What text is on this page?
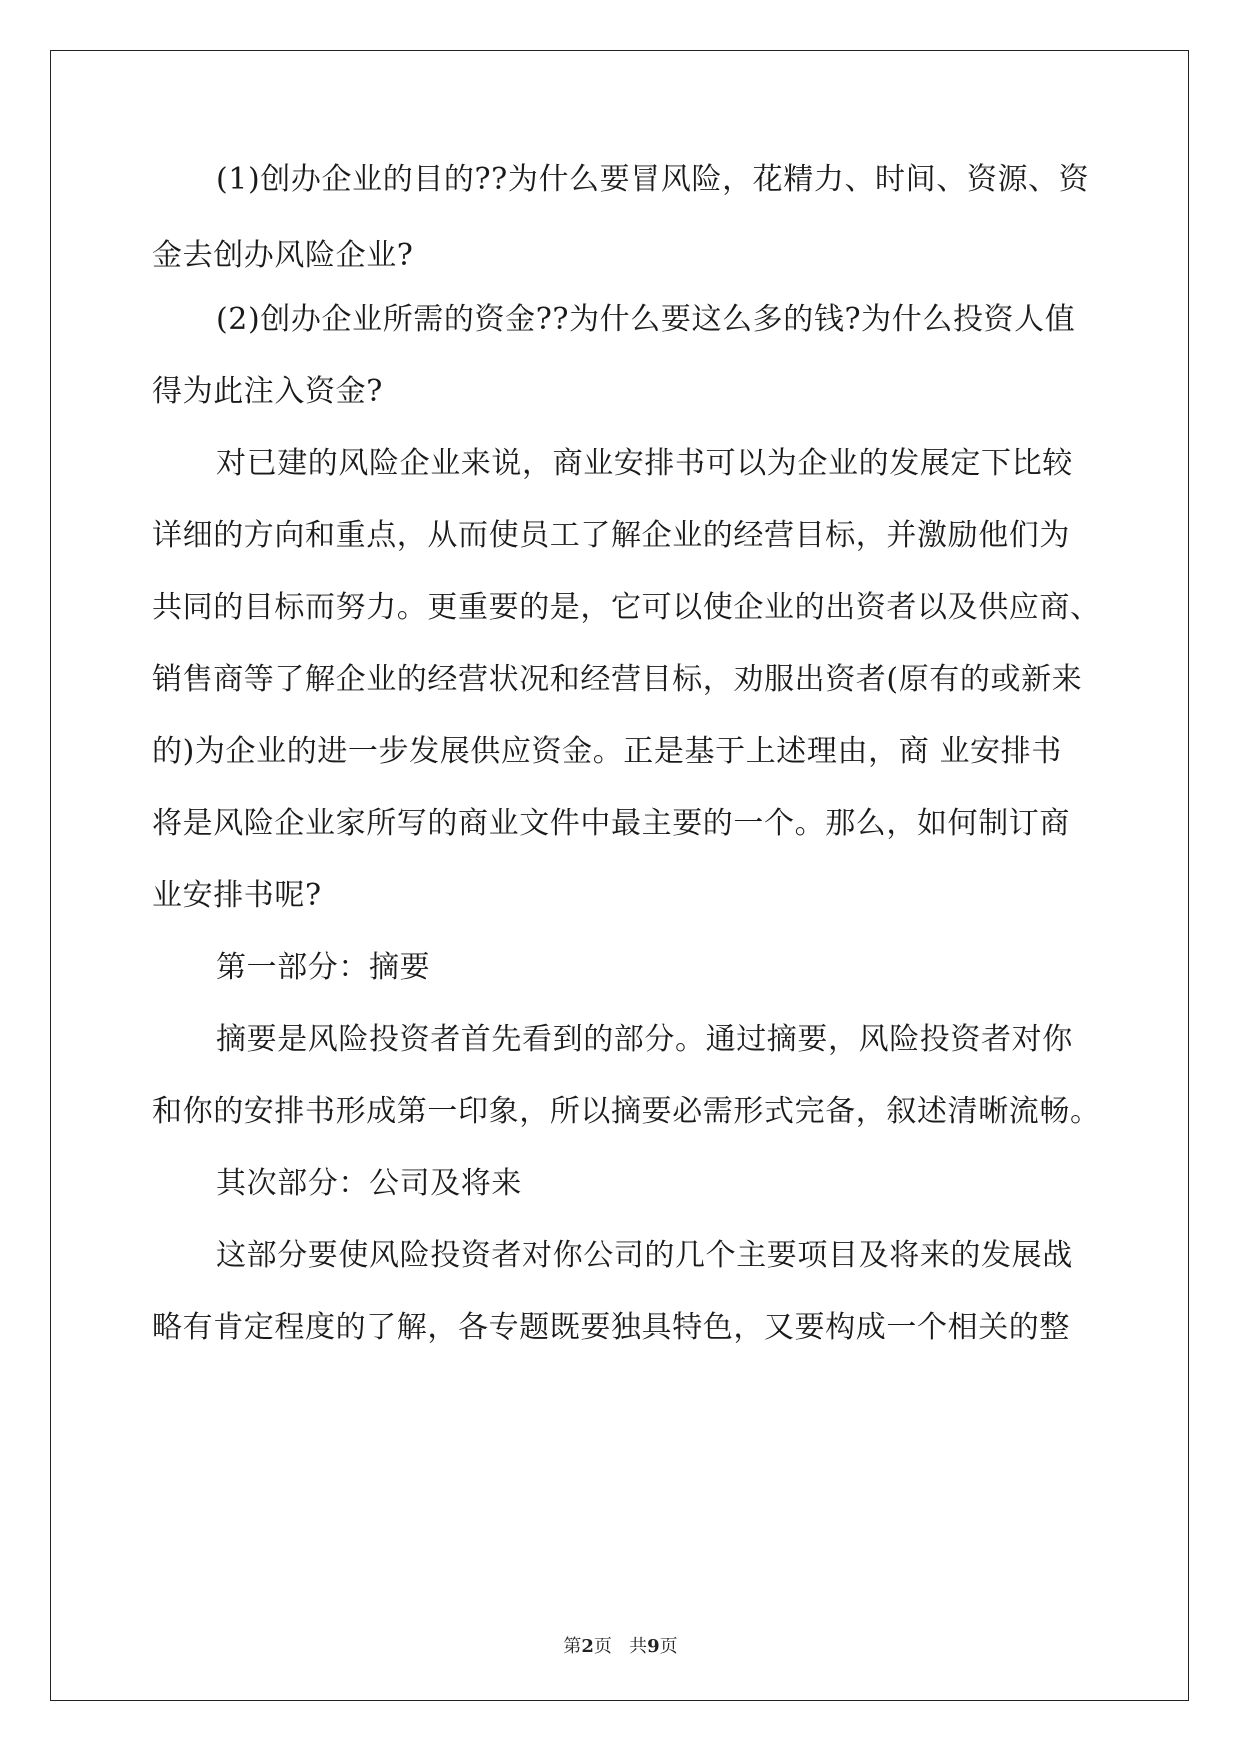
(1)创办企业的目的??为什么要冒风险，花精力、时间、资源、资
金去创办风险企业?
(2)创办企业所需的资金??为什么要这么多的钱?为什么投资人值
得为此注入资金?
对已建的风险企业来说，商业安排书可以为企业的发展定下比较
详细的方向和重点，从而使员工了解企业的经营目标，并激励他们为
共同的目标而努力。更重要的是，它可以使企业的出资者以及供应商、
销售商等了解企业的经营状况和经营目标，劝服出资者(原有的或新来
的)为企业的进一步发展供应资金。正是基于上述理由，商 业安排书
将是风险企业家所写的商业文件中最主要的一个。那么，如何制订商
业安排书呢?
第一部分：摘要
摘要是风险投资者首先看到的部分。通过摘要，风险投资者对你
和你的安排书形成第一印象，所以摘要必需形式完备，叙述清晰流畅。
其次部分：公司及将来
这部分要使风险投资者对你公司的几个主要项目及将来的发展战
略有肯定程度的了解，各专题既要独具特色，又要构成一个相关的整
第2页   共9页
